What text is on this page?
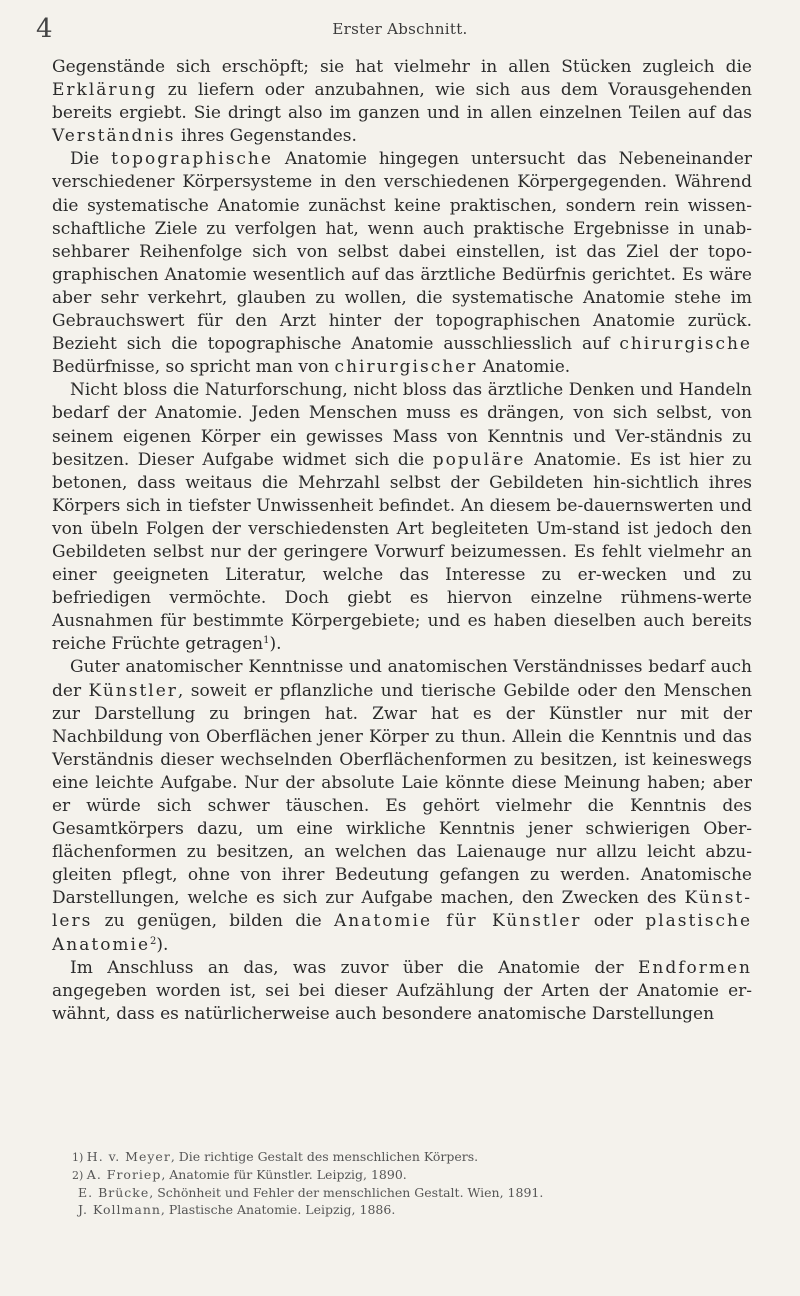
4	Erster Abschnitt.

Gegenstände sich erschöpft; sie hat vielmehr in allen Stücken zugleich die Erklärung zu liefern oder anzubahnen, wie sich aus dem Vorausgehenden bereits ergiebt. Sie dringt also im ganzen und in allen einzelnen Teilen auf das Verständnis ihres Gegenstandes.

Die topographische Anatomie hingegen untersucht das Nebeneinander verschiedener Körpersysteme in den verschiedenen Körpergegenden. Während die systematische Anatomie zunächst keine praktischen, sondern rein wissen-schaftliche Ziele zu verfolgen hat, wenn auch praktische Ergebnisse in unab-sehbarer Reihenfolge sich von selbst dabei einstellen, ist das Ziel der topo-graphischen Anatomie wesentlich auf das ärztliche Bedürfnis gerichtet. Es wäre aber sehr verkehrt, glauben zu wollen, die systematische Anatomie stehe im Gebrauchswert für den Arzt hinter der topographischen Anatomie zurück. Bezieht sich die topographische Anatomie ausschliesslich auf chirurgische Bedürfnisse, so spricht man von chirurgischer Anatomie.

Nicht bloss die Naturforschung, nicht bloss das ärztliche Denken und Handeln bedarf der Anatomie. Jeden Menschen muss es drängen, von sich selbst, von seinem eigenen Körper ein gewisses Mass von Kenntnis und Ver-ständnis zu besitzen. Dieser Aufgabe widmet sich die populäre Anatomie. Es ist hier zu betonen, dass weitaus die Mehrzahl selbst der Gebildeten hin-sichtlich ihres Körpers sich in tiefster Unwissenheit befindet. An diesem be-dauernswerten und von übeln Folgen der verschiedensten Art begleiteten Um-stand ist jedoch den Gebildeten selbst nur der geringere Vorwurf beizumessen. Es fehlt vielmehr an einer geeigneten Literatur, welche das Interesse zu er-wecken und zu befriedigen vermöchte. Doch giebt es hiervon einzelne rühmens-werte Ausnahmen für bestimmte Körpergebiete; und es haben dieselben auch bereits reiche Früchte getragen$^1$).

Guter anatomischer Kenntnisse und anatomischen Verständnisses bedarf auch der Künstler, soweit er pflanzliche und tierische Gebilde oder den Menschen zur Darstellung zu bringen hat. Zwar hat es der Künstler nur mit der Nachbildung von Oberflächen jener Körper zu thun. Allein die Kenntnis und das Verständnis dieser wechselnden Oberflächenformen zu besitzen, ist keineswegs eine leichte Aufgabe. Nur der absolute Laie könnte diese Meinung haben; aber er würde sich schwer täuschen. Es gehört vielmehr die Kenntnis des Gesamtkörpers dazu, um eine wirkliche Kenntnis jener schwierigen Ober-flächenformen zu besitzen, an welchen das Laienauge nur allzu leicht abzu-gleiten pflegt, ohne von ihrer Bedeutung gefangen zu werden. Anatomische Darstellungen, welche es sich zur Aufgabe machen, den Zwecken des Künst-lers zu genügen, bilden die Anatomie für Künstler oder plastische Anatomie$^2$).

Im Anschluss an das, was zuvor über die Anatomie der Endformen angegeben worden ist, sei bei dieser Aufzählung der Arten der Anatomie er-wähnt, dass es natürlicherweise auch besondere anatomische Darstellungen

1) H. v. Meyer, Die richtige Gestalt des menschlichen Körpers.
2) A. Froriep, Anatomie für Künstler. Leipzig, 1890.
E. Brücke, Schönheit und Fehler der menschlichen Gestalt. Wien, 1891.
J. Kollmann, Plastische Anatomie. Leipzig, 1886.
